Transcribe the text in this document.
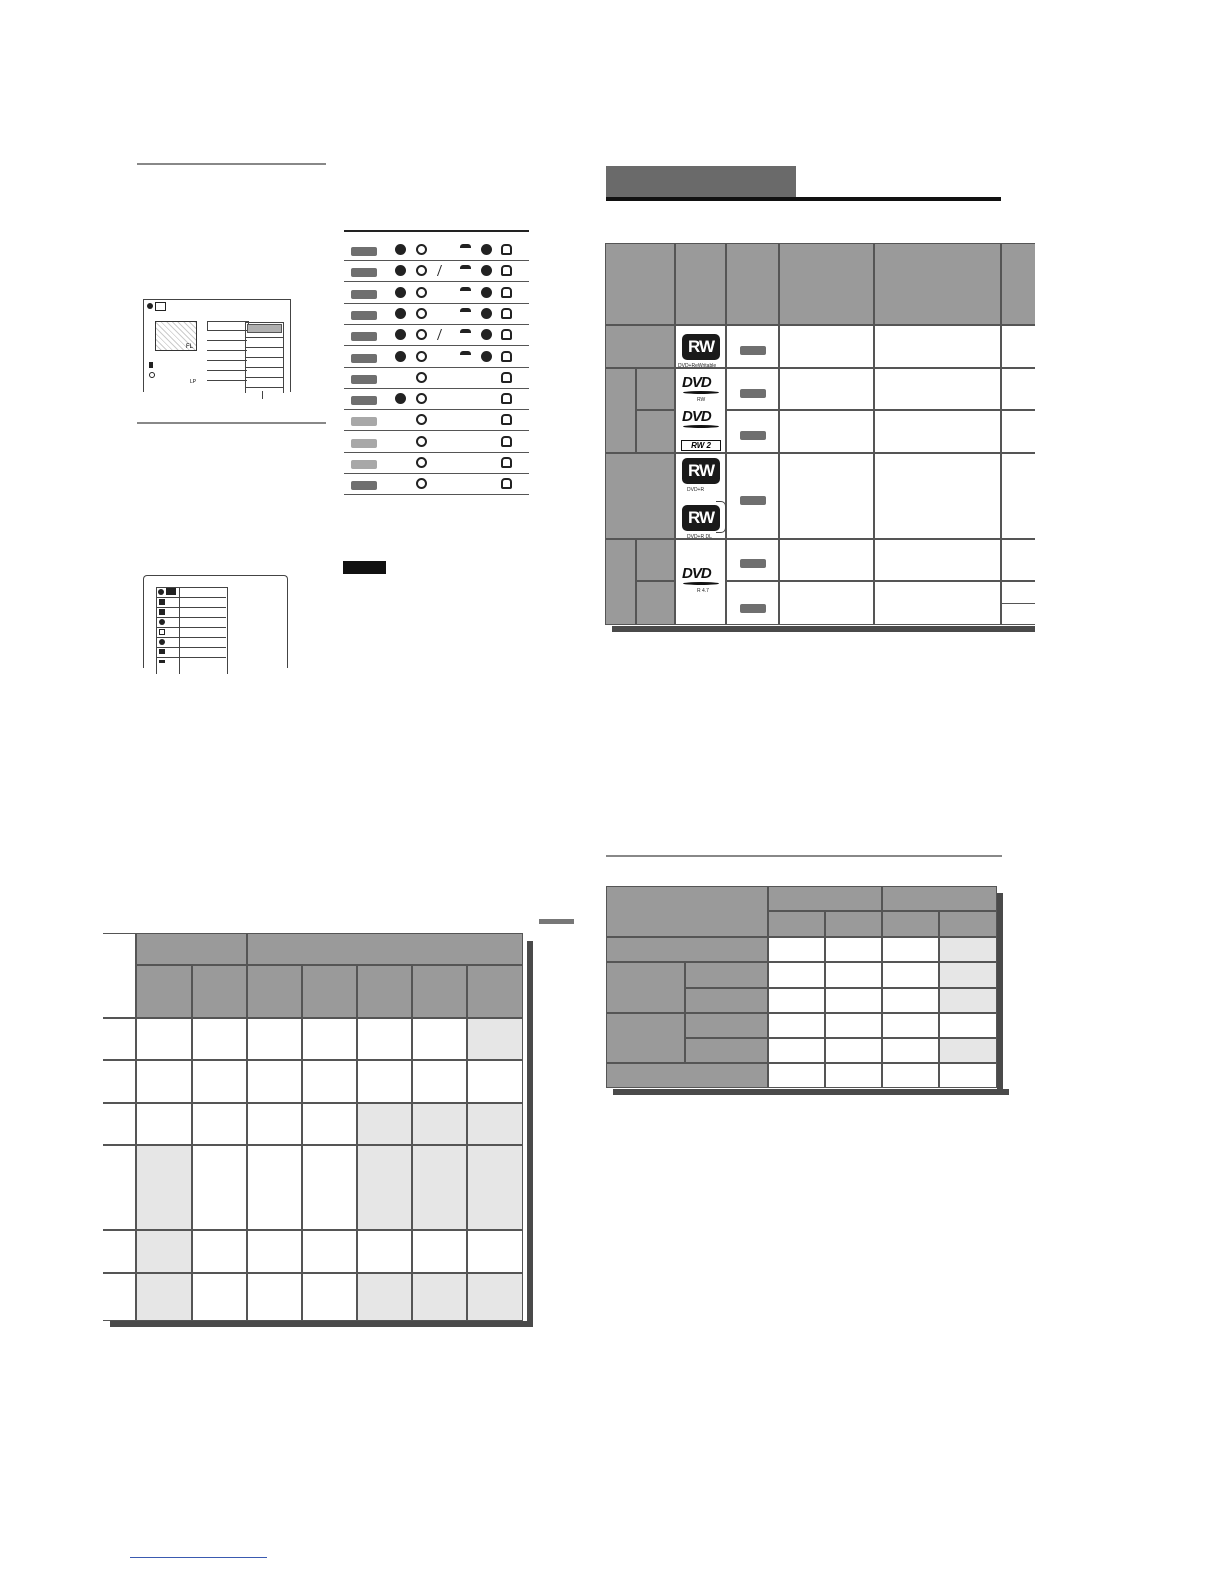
FL
LP
RW
DVD+ReWritable
DVD
RW
DVD
RW
DVD+R
RW
DVD+R DL
DVD
R 4.7
RW 2
